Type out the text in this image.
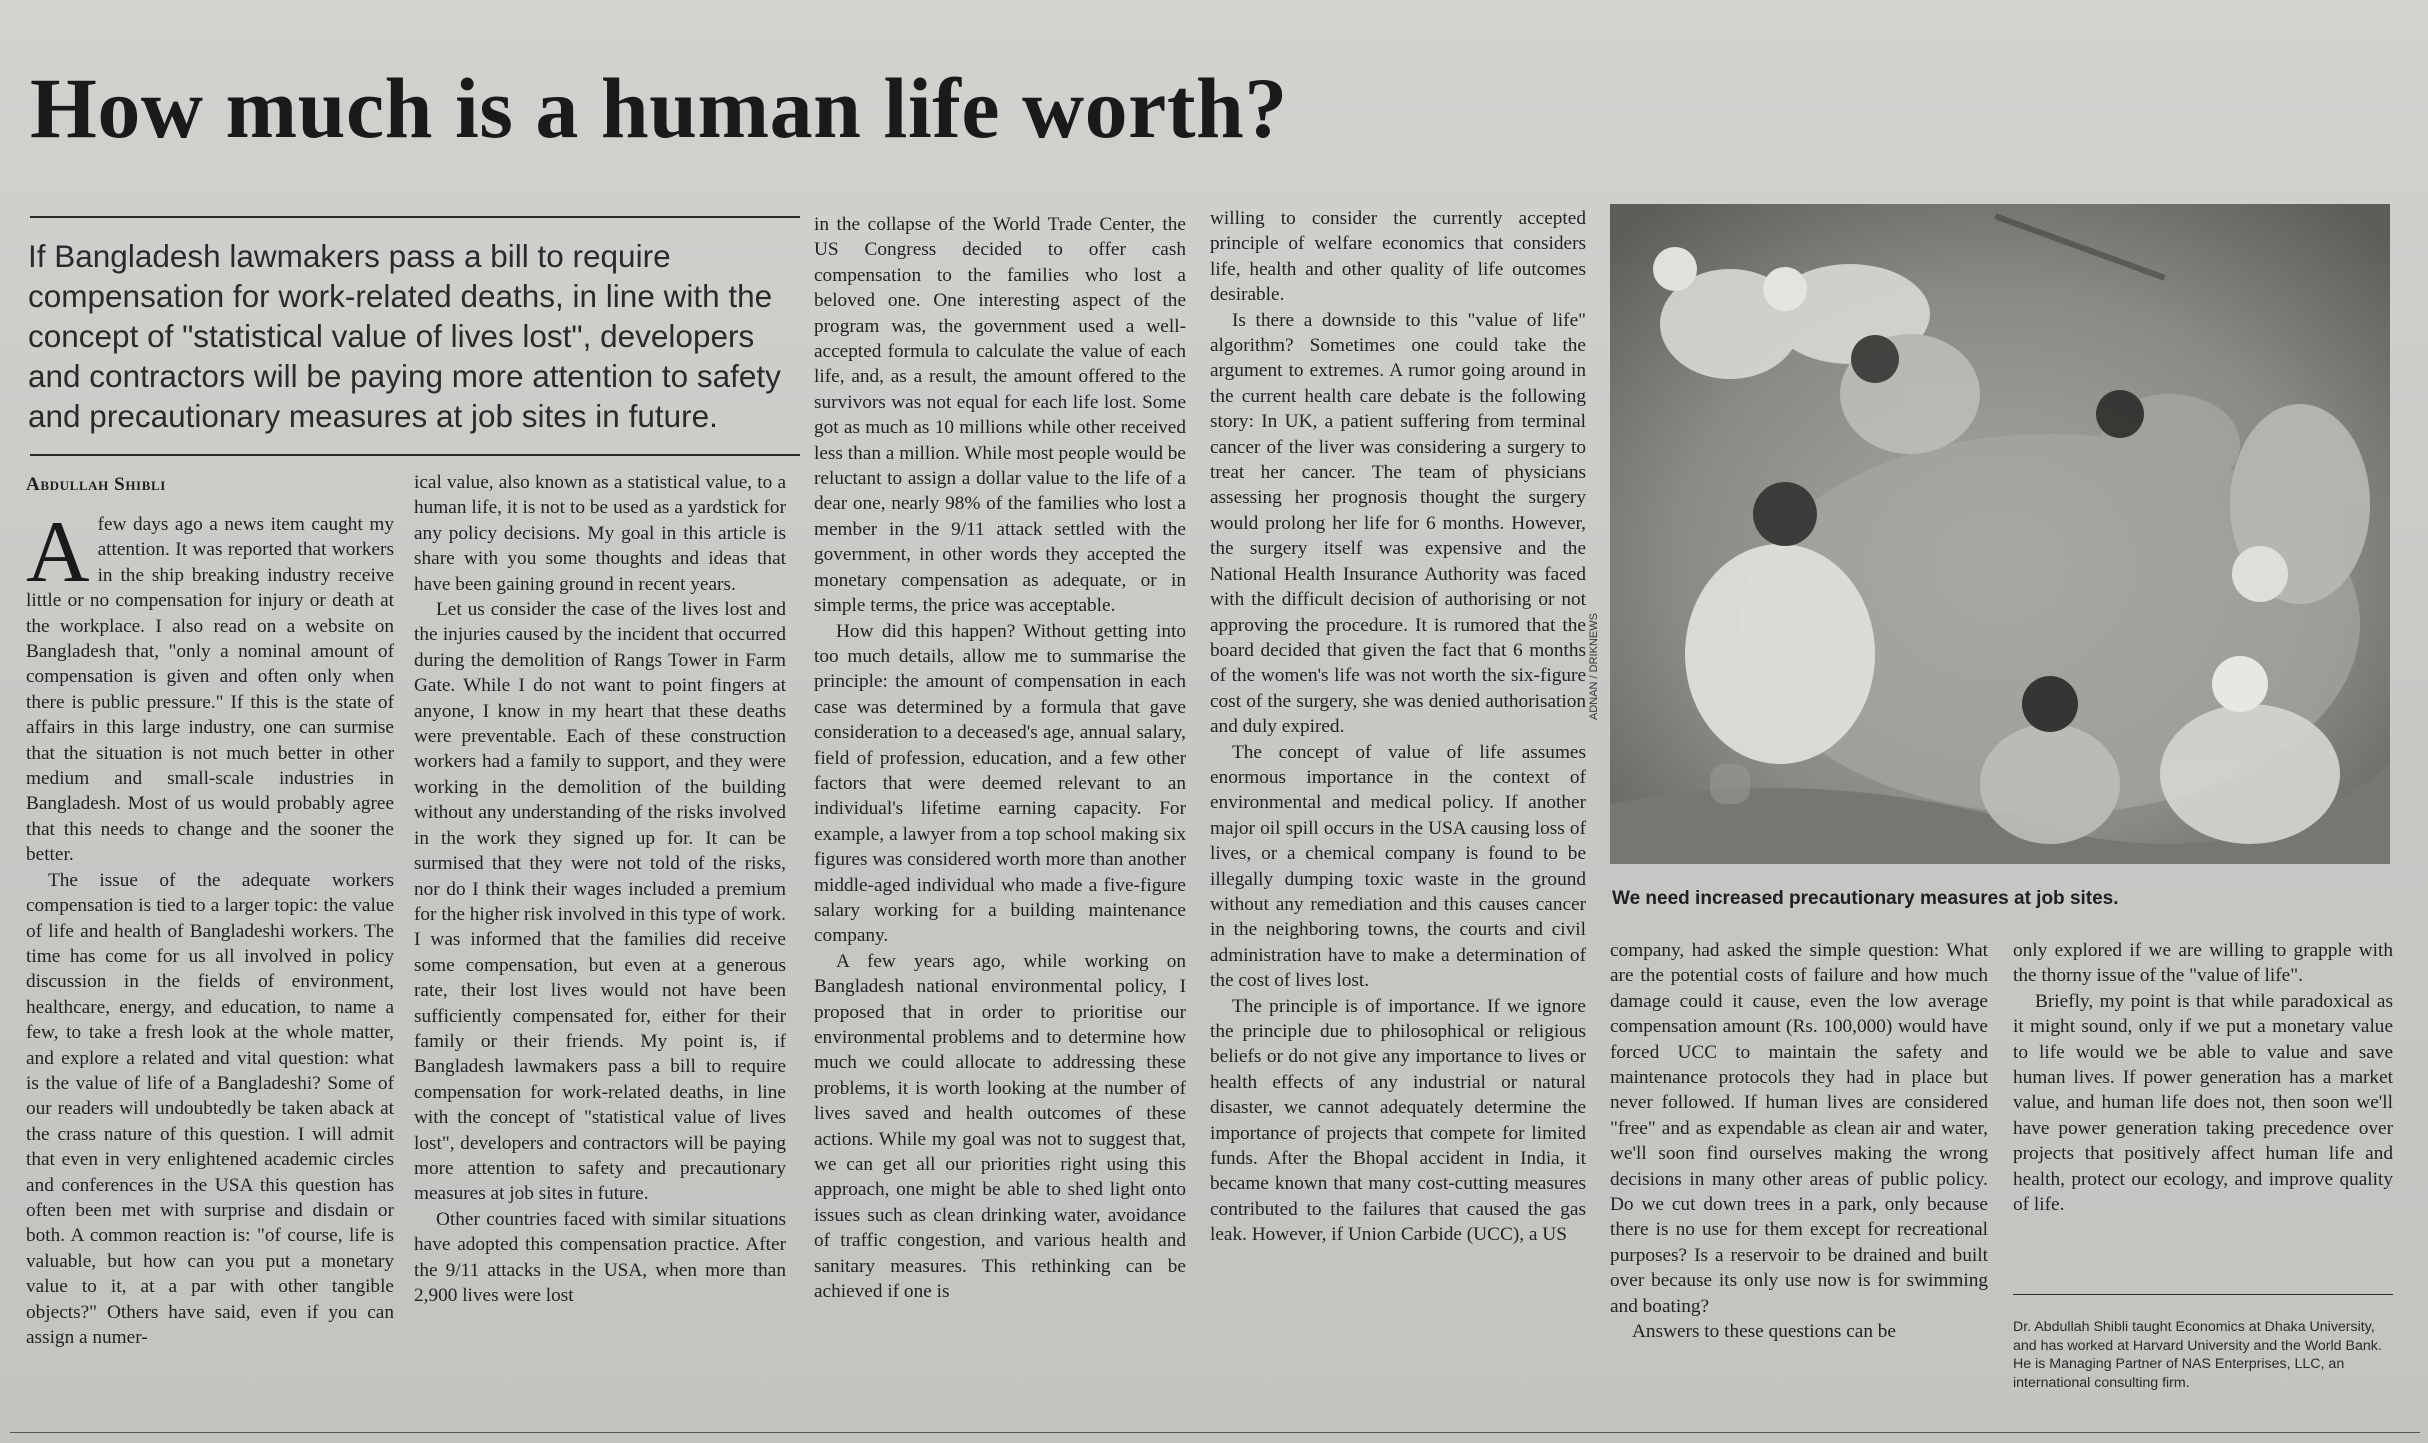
How much is a human life worth?
If Bangladesh lawmakers pass a bill to require compensation for work-related deaths, in line with the concept of "statistical value of lives lost", developers and contractors will be paying more attention to safety and precautionary measures at job sites in future.
Abdullah Shibli

Afew days ago a news item caught my attention. It was reported that workers in the ship breaking industry receive little or no compensation for injury or death at the workplace. I also read on a website on Bangladesh that, "only a nominal amount of compensation is given and often only when there is public pressure." If this is the state of affairs in this large industry, one can surmise that the situation is not much better in other medium and small-scale industries in Bangladesh. Most of us would probably agree that this needs to change and the sooner the better.

The issue of the adequate workers compensation is tied to a larger topic: the value of life and health of Bangladeshi workers. The time has come for us all involved in policy discussion in the fields of environment, healthcare, energy, and education, to name a few, to take a fresh look at the whole matter, and explore a related and vital question: what is the value of life of a Bangladeshi? Some of our readers will undoubtedly be taken aback at the crass nature of this question. I will admit that even in very enlightened academic circles and conferences in the USA this question has often been met with surprise and disdain or both. A common reaction is: "of course, life is valuable, but how can you put a monetary value to it, at a par with other tangible objects?" Others have said, even if you can assign a numer-

ical value, also known as a statistical value, to a human life, it is not to be used as a yardstick for any policy decisions. My goal in this article is share with you some thoughts and ideas that have been gaining ground in recent years.

Let us consider the case of the lives lost and the injuries caused by the incident that occurred during the demolition of Rangs Tower in Farm Gate. While I do not want to point fingers at anyone, I know in my heart that these deaths were preventable. Each of these construction workers had a family to support, and they were working in the demolition of the building without any understanding of the risks involved in the work they signed up for. It can be surmised that they were not told of the risks, nor do I think their wages included a premium for the higher risk involved in this type of work. I was informed that the families did receive some compensation, but even at a generous rate, their lost lives would not have been sufficiently compensated for, either for their family or their friends. My point is, if Bangladesh lawmakers pass a bill to require compensation for work-related deaths, in line with the concept of "statistical value of lives lost", developers and contractors will be paying more attention to safety and precautionary measures at job sites in future.

Other countries faced with similar situations have adopted this compensation practice. After the 9/11 attacks in the USA, when more than 2,900 lives were lost

in the collapse of the World Trade Center, the US Congress decided to offer cash compensation to the families who lost a beloved one. One interesting aspect of the program was, the government used a well-accepted formula to calculate the value of each life, and, as a result, the amount offered to the survivors was not equal for each life lost. Some got as much as 10 millions while other received less than a million. While most people would be reluctant to assign a dollar value to the life of a dear one, nearly 98% of the families who lost a member in the 9/11 attack settled with the government, in other words they accepted the monetary compensation as adequate, or in simple terms, the price was acceptable.

How did this happen? Without getting into too much details, allow me to summarise the principle: the amount of compensation in each case was determined by a formula that gave consideration to a deceased's age, annual salary, field of profession, education, and a few other factors that were deemed relevant to an individual's lifetime earning capacity. For example, a lawyer from a top school making six figures was considered worth more than another middle-aged individual who made a five-figure salary working for a building maintenance company.

A few years ago, while working on Bangladesh national environmental policy, I proposed that in order to prioritise our environmental problems and to determine how much we could allocate to addressing these problems, it is worth looking at the number of lives saved and health outcomes of these actions. While my goal was not to suggest that, we can get all our priorities right using this approach, one might be able to shed light onto issues such as clean drinking water, avoidance of traffic congestion, and various health and sanitary measures. This rethinking can be achieved if one is

willing to consider the currently accepted principle of welfare economics that considers life, health and other quality of life outcomes desirable.

Is there a downside to this "value of life" algorithm? Sometimes one could take the argument to extremes. A rumor going around in the current health care debate is the following story: In UK, a patient suffering from terminal cancer of the liver was considering a surgery to treat her cancer. The team of physicians assessing her prognosis thought the surgery would prolong her life for 6 months. However, the surgery itself was expensive and the National Health Insurance Authority was faced with the difficult decision of authorising or not approving the procedure. It is rumored that the board decided that given the fact that 6 months of the women's life was not worth the six-figure cost of the surgery, she was denied authorisation and duly expired.

The concept of value of life assumes enormous importance in the context of environmental and medical policy. If another major oil spill occurs in the USA causing loss of lives, or a chemical company is found to be illegally dumping toxic waste in the ground without any remediation and this causes cancer in the neighboring towns, the courts and civil administration have to make a determination of the cost of lives lost.

The principle is of importance. If we ignore the principle due to philosophical or religious beliefs or do not give any importance to lives or health effects of any industrial or natural disaster, we cannot adequately determine the importance of projects that compete for limited funds. After the Bhopal accident in India, it became known that many cost-cutting measures contributed to the failures that caused the gas leak. However, if Union Carbide (UCC), a US

ADNAN / DRIKNEWS
We need increased precautionary measures at job sites.

company, had asked the simple question: What are the potential costs of failure and how much damage could it cause, even the low average compensation amount (Rs. 100,000) would have forced UCC to maintain the safety and maintenance protocols they had in place but never followed. If human lives are considered "free" and as expendable as clean air and water, we'll soon find ourselves making the wrong decisions in many other areas of public policy. Do we cut down trees in a park, only because there is no use for them except for recreational purposes? Is a reservoir to be drained and built over because its only use now is for swimming and boating?

Answers to these questions can be

only explored if we are willing to grapple with the thorny issue of the "value of life".

Briefly, my point is that while paradoxical as it might sound, only if we put a monetary value to life would we be able to value and save human lives. If power generation has a market value, and human life does not, then soon we'll have power generation taking precedence over projects that positively affect human life and health, protect our ecology, and improve quality of life.

Dr. Abdullah Shibli taught Economics at Dhaka University, and has worked at Harvard University and the World Bank. He is Managing Partner of NAS Enterprises, LLC, an international consulting firm.
